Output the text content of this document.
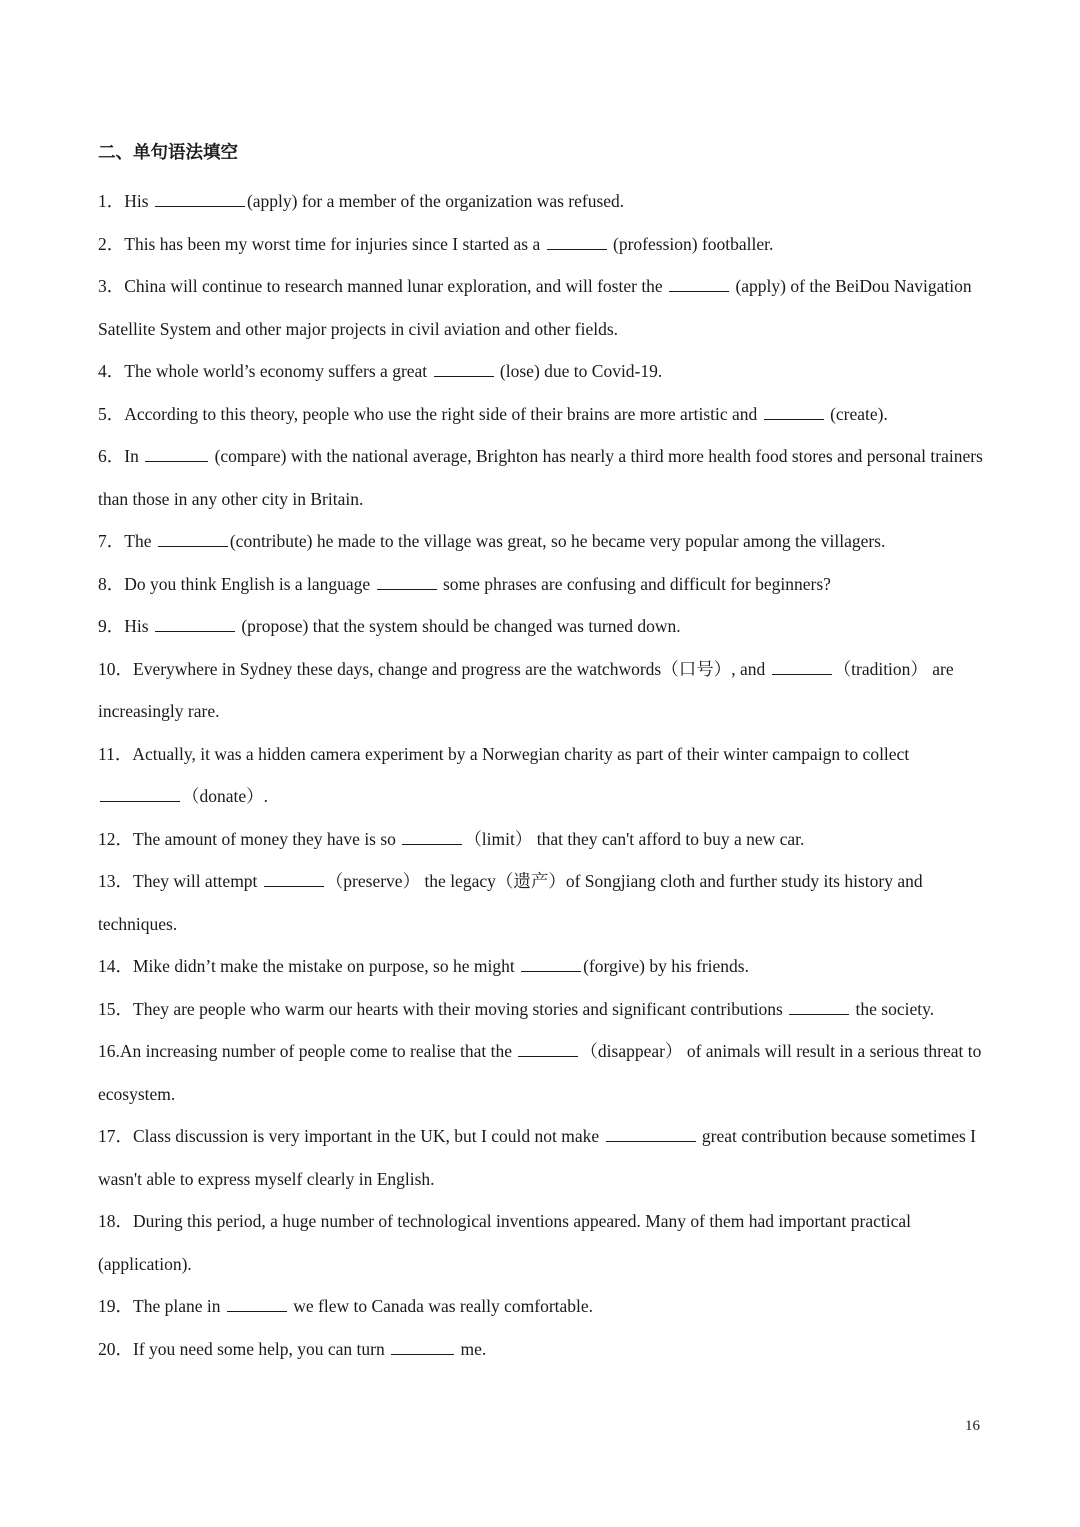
二、单句语法填空

1．His	(apply) for a member of the organization was refused.

2．This has been my worst time for injuries since I started as a	(profession) footballer.

3．China will continue to research manned lunar exploration, and will foster the	(apply) of the BeiDou Navigation Satellite System and other major projects in civil aviation and other fields.

4．The whole world’s economy suffers a great	(lose) due to Covid-19.

5．According to this theory, people who use the right side of their brains are more artistic and	(create).

6．In	(compare) with the national average, Brighton has nearly a third more health food stores and personal trainers than those in any other city in Britain.

7．The	(contribute) he made to the village was great, so he became very popular among the villagers.

8．Do you think English is a language	some phrases are confusing and difficult for beginners?

9．His	(propose) that the system should be changed was turned down.

10．Everywhere in Sydney these days, change and progress are the watchwords（口号）, and	（tradition） are increasingly rare.

11．Actually, it was a hidden camera experiment by a Norwegian charity as part of their winter campaign to collect （donate）.

12．The amount of money they have is so	（limit） that they can't afford to buy a new car.

13．They will attempt	（preserve） the legacy（遗产）of Songjiang cloth and further study its history and techniques.

14．Mike didn’t make the mistake on purpose, so he might	(forgive) by his friends.

15．They are people who warm our hearts with their moving stories and significant contributions	the society.

16.An increasing number of people come to realise that the	（disappear） of animals will result in a serious threat to ecosystem.

17．Class discussion is very important in the UK, but I could not make	great contribution because sometimes I wasn't able to express myself clearly in English.

18．During this period, a huge number of technological inventions appeared. Many of them had important practical (application).

19．The plane in	we flew to Canada was really comfortable.

20．If you need some help, you can turn	me.

16
